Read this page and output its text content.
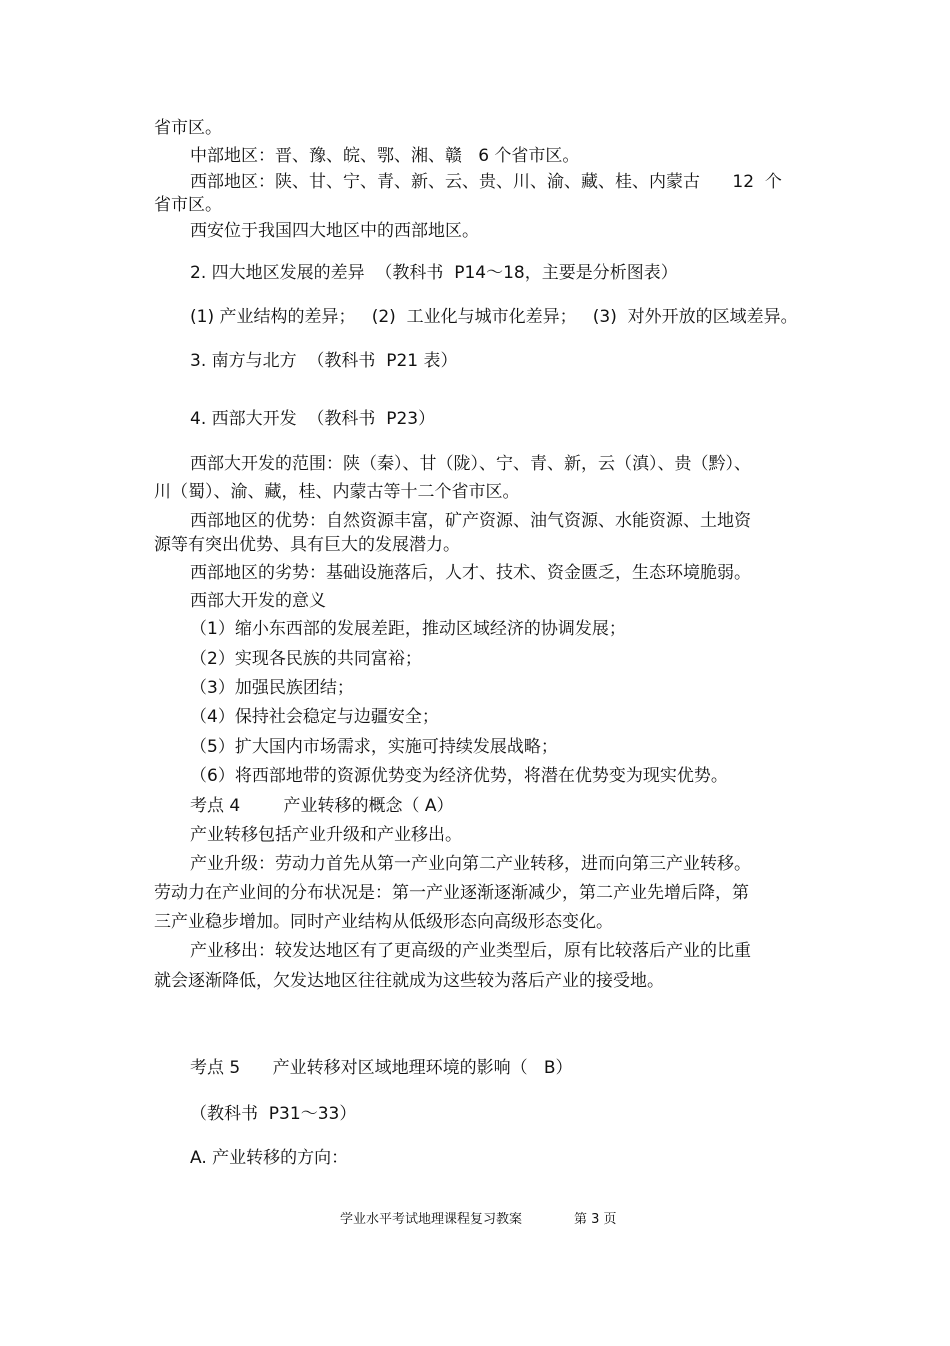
省市区。
中部地区：晋、豫、皖、鄂、湘、赣   6 个省市区。
西部地区：陕、甘、宁、青、新、云、贵、川、渝、藏、桂、内蒙古      12  个
省市区。
西安位于我国四大地区中的西部地区。
2. 四大地区发展的差异  （教科书  P14～18，主要是分析图表）
(1) 产业结构的差异；   (2)  工业化与城市化差异；   (3)  对外开放的区域差异。
3. 南方与北方  （教科书  P21 表）
4. 西部大开发  （教科书  P23）
西部大开发的范围：陕（秦）、甘（陇）、宁、青、新，云（滇）、贵（黔）、
川（蜀）、渝、藏，桂、内蒙古等十二个省市区。
西部地区的优势：自然资源丰富，矿产资源、油气资源、水能资源、土地资
源等有突出优势、具有巨大的发展潜力。
西部地区的劣势：基础设施落后，人才、技术、资金匮乏，生态环境脆弱。
西部大开发的意义
（1）缩小东西部的发展差距，推动区域经济的协调发展；
（2）实现各民族的共同富裕；
（3）加强民族团结；
（4）保持社会稳定与边疆安全；
（5）扩大国内市场需求，实施可持续发展战略；
（6）将西部地带的资源优势变为经济优势，将潜在优势变为现实优势。
考点 4        产业转移的概念（ A）
产业转移包括产业升级和产业移出。
产业升级：劳动力首先从第一产业向第二产业转移，进而向第三产业转移。
劳动力在产业间的分布状况是：第一产业逐渐逐渐减少，第二产业先增后降，第
三产业稳步增加。同时产业结构从低级形态向高级形态变化。
产业移出：较发达地区有了更高级的产业类型后，原有比较落后产业的比重
就会逐渐降低，欠发达地区往往就成为这些较为落后产业的接受地。
考点 5      产业转移对区域地理环境的影响（   B）
（教科书  P31～33）
A. 产业转移的方向：
学业水平考试地理课程复习教案	第 3 页
